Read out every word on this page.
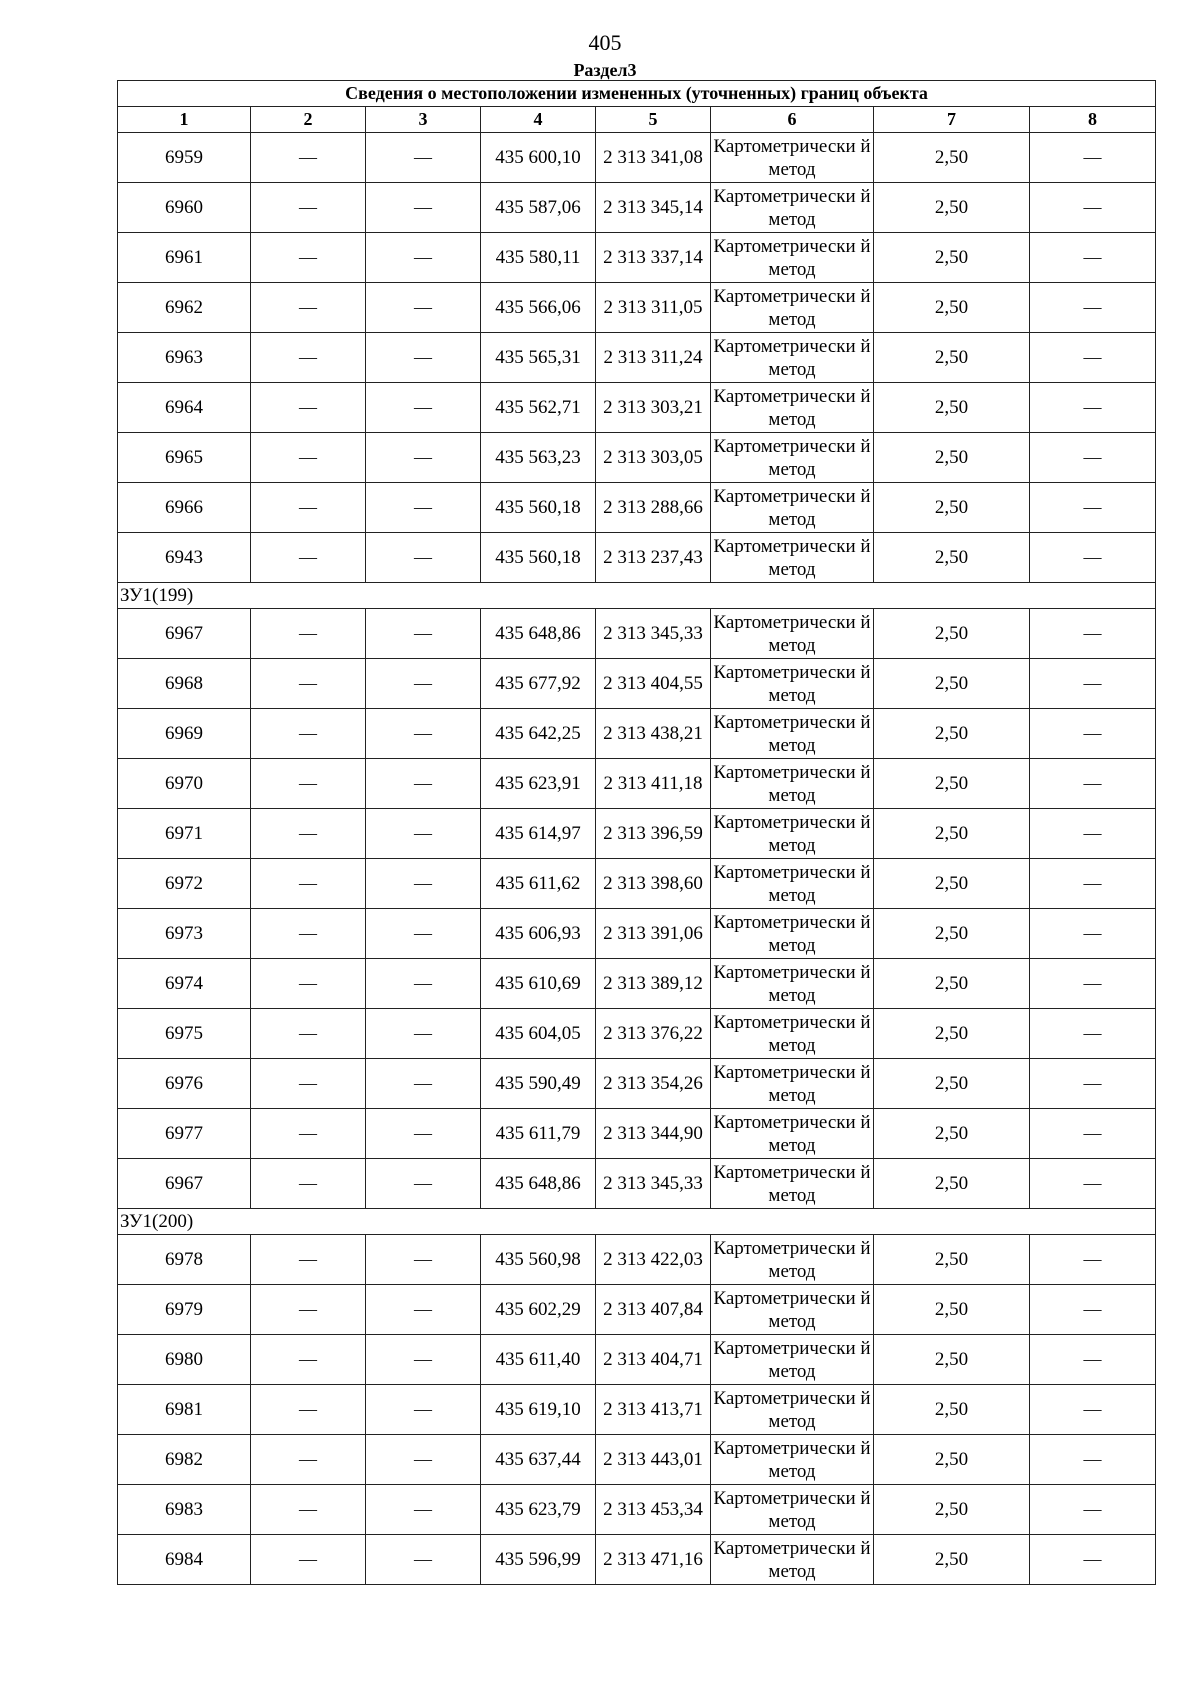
405
Раздел3
Сведения о местоположении измененных (уточненных) границ объекта							
1	2	3	4	5	6	7	8
6959	—	—	435 600,10	2 313 341,08	Картометрически й метод	2,50	—
6960	—	—	435 587,06	2 313 345,14	Картометрически й метод	2,50	—
6961	—	—	435 580,11	2 313 337,14	Картометрически й метод	2,50	—
6962	—	—	435 566,06	2 313 311,05	Картометрически й метод	2,50	—
6963	—	—	435 565,31	2 313 311,24	Картометрически й метод	2,50	—
6964	—	—	435 562,71	2 313 303,21	Картометрически й метод	2,50	—
6965	—	—	435 563,23	2 313 303,05	Картометрически й метод	2,50	—
6966	—	—	435 560,18	2 313 288,66	Картометрически й метод	2,50	—
6943	—	—	435 560,18	2 313 237,43	Картометрически й метод	2,50	—
ЗУ1(199)							
6967	—	—	435 648,86	2 313 345,33	Картометрически й метод	2,50	—
6968	—	—	435 677,92	2 313 404,55	Картометрически й метод	2,50	—
6969	—	—	435 642,25	2 313 438,21	Картометрически й метод	2,50	—
6970	—	—	435 623,91	2 313 411,18	Картометрически й метод	2,50	—
6971	—	—	435 614,97	2 313 396,59	Картометрически й метод	2,50	—
6972	—	—	435 611,62	2 313 398,60	Картометрически й метод	2,50	—
6973	—	—	435 606,93	2 313 391,06	Картометрически й метод	2,50	—
6974	—	—	435 610,69	2 313 389,12	Картометрически й метод	2,50	—
6975	—	—	435 604,05	2 313 376,22	Картометрически й метод	2,50	—
6976	—	—	435 590,49	2 313 354,26	Картометрически й метод	2,50	—
6977	—	—	435 611,79	2 313 344,90	Картометрически й метод	2,50	—
6967	—	—	435 648,86	2 313 345,33	Картометрически й метод	2,50	—
ЗУ1(200)							
6978	—	—	435 560,98	2 313 422,03	Картометрически й метод	2,50	—
6979	—	—	435 602,29	2 313 407,84	Картометрически й метод	2,50	—
6980	—	—	435 611,40	2 313 404,71	Картометрически й метод	2,50	—
6981	—	—	435 619,10	2 313 413,71	Картометрически й метод	2,50	—
6982	—	—	435 637,44	2 313 443,01	Картометрически й метод	2,50	—
6983	—	—	435 623,79	2 313 453,34	Картометрически й метод	2,50	—
6984	—	—	435 596,99	2 313 471,16	Картометрически й метод	2,50	—
